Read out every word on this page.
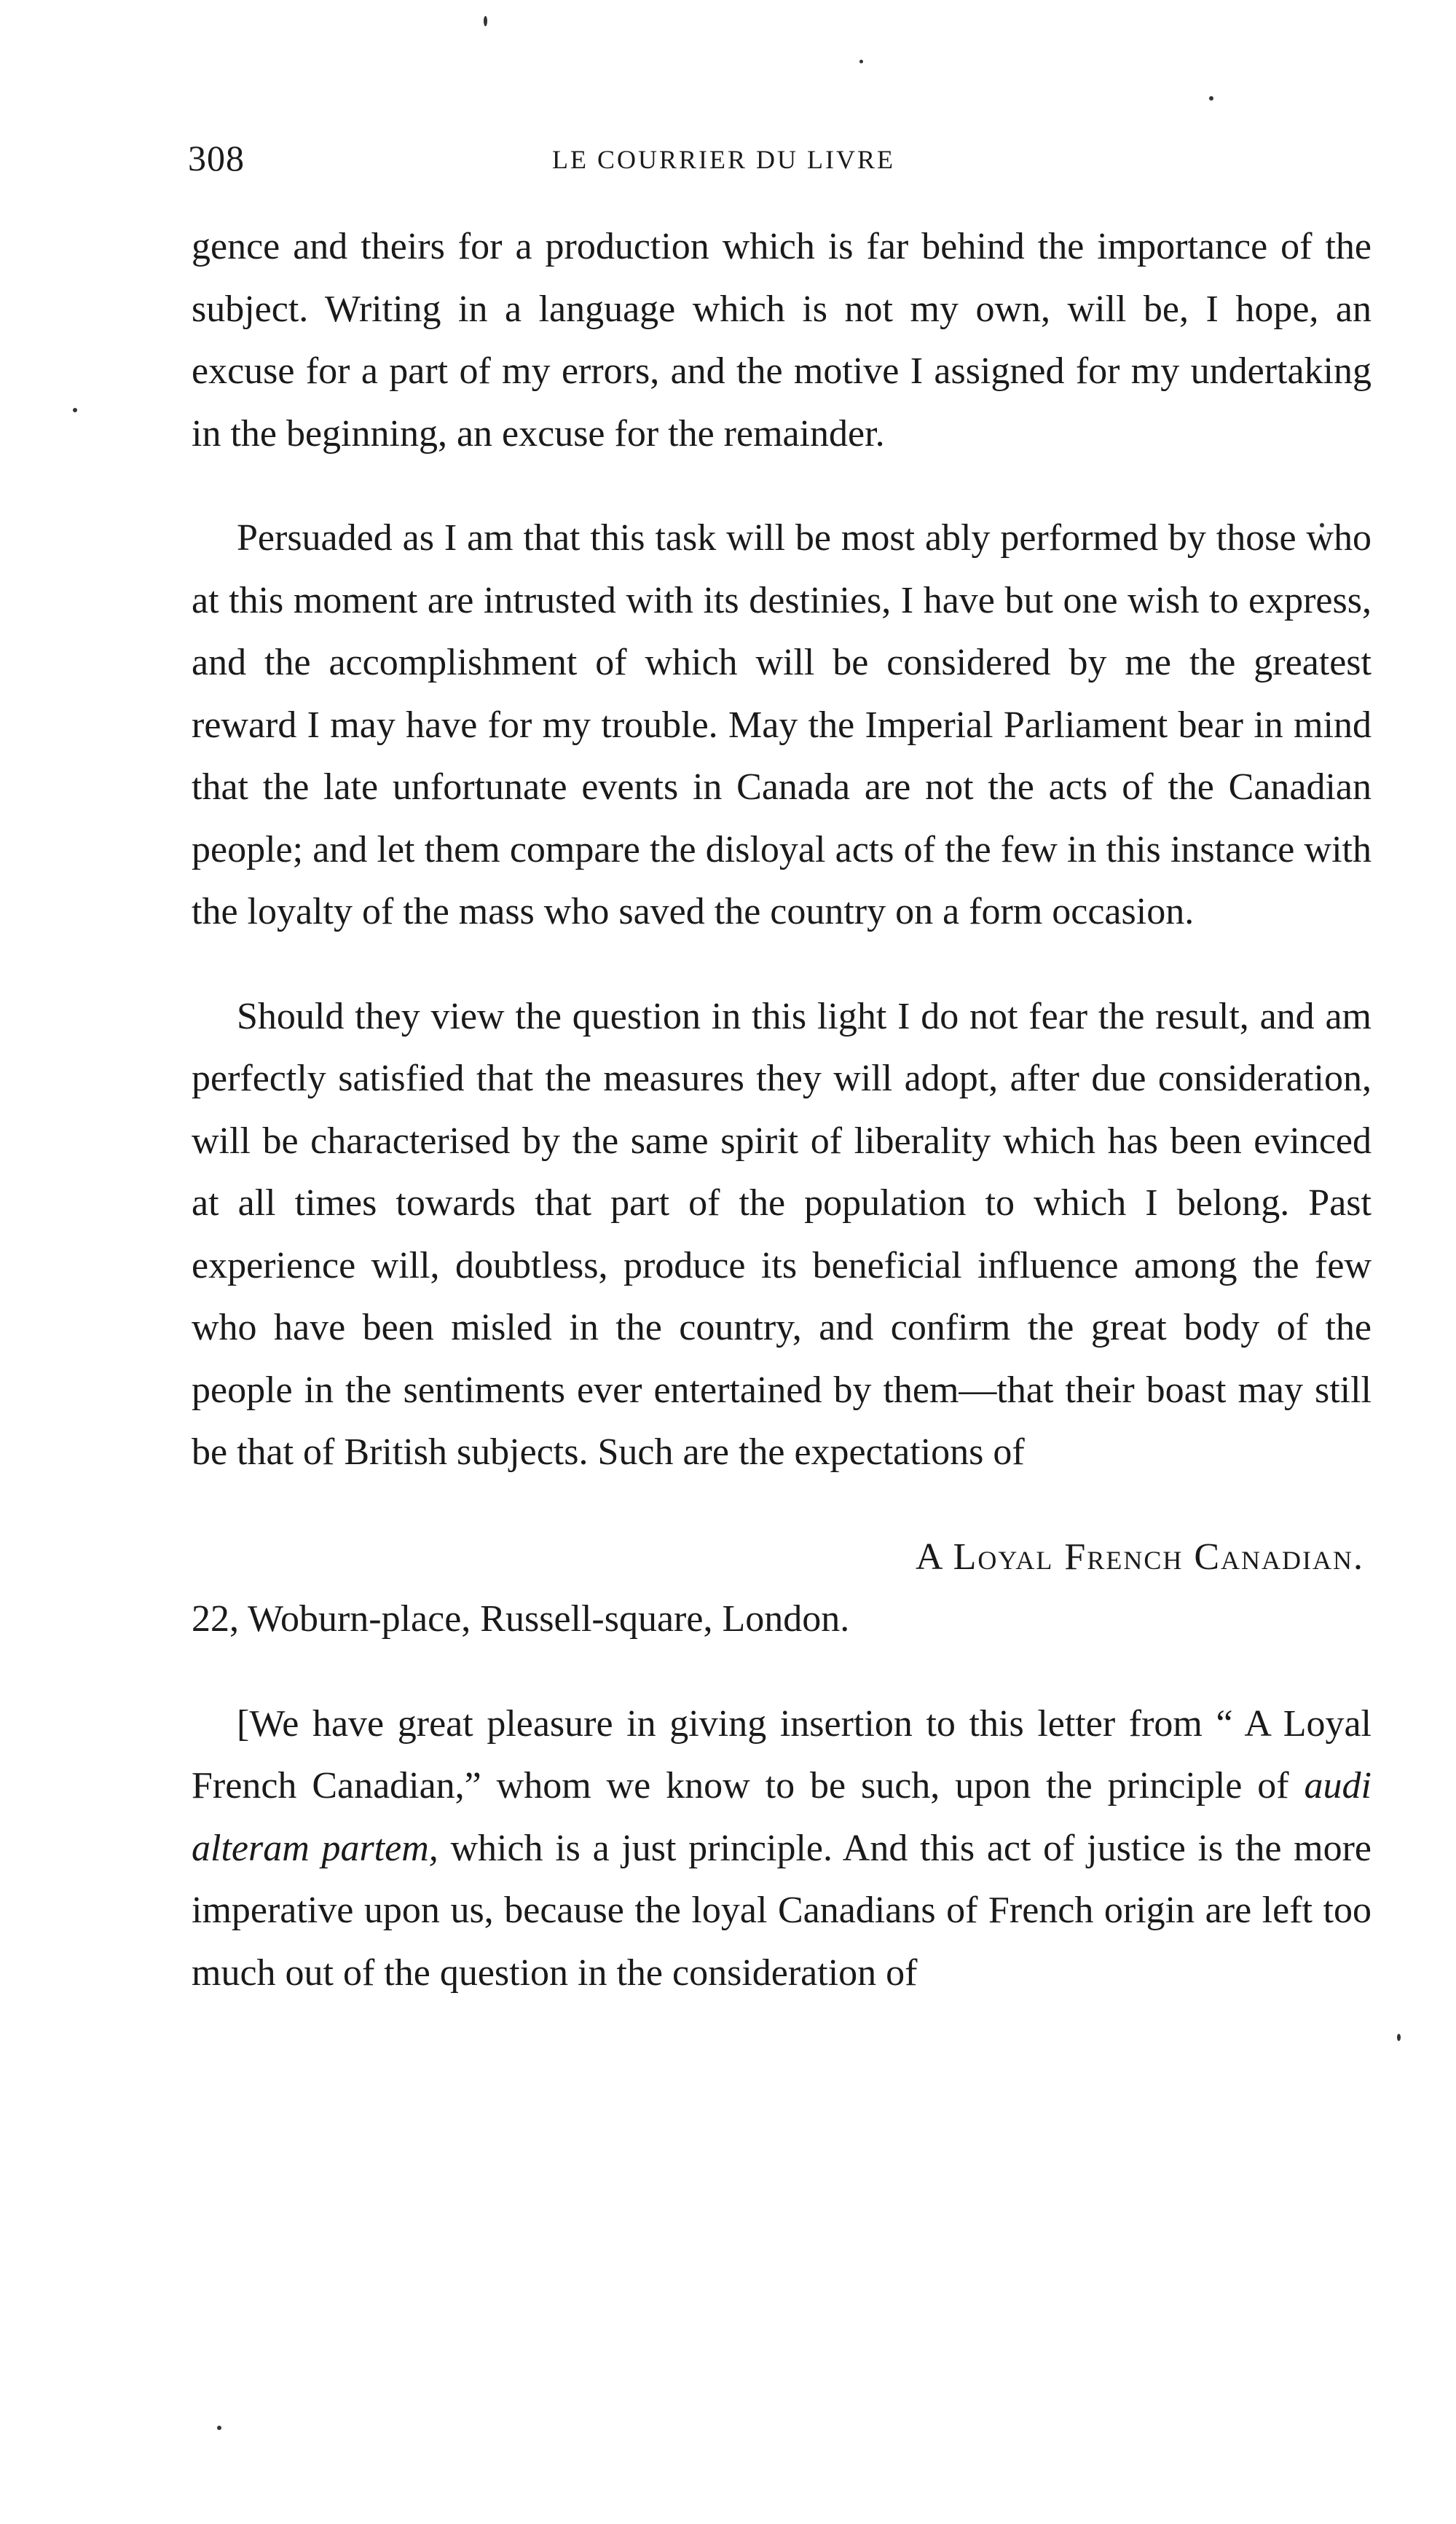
308	LE COURRIER DU LIVRE

gence and theirs for a production which is far behind the importance of the subject. Writing in a language which is not my own, will be, I hope, an excuse for a part of my errors, and the motive I assigned for my undertaking in the beginning, an excuse for the remainder.

Persuaded as I am that this task will be most ably performed by those who at this moment are intrusted with its destinies, I have but one wish to express, and the accomplishment of which will be considered by me the greatest reward I may have for my trouble. May the Imperial Parliament bear in mind that the late unfortunate events in Canada are not the acts of the Canadian people; and let them compare the disloyal acts of the few in this instance with the loyalty of the mass who saved the country on a form occasion.

Should they view the question in this light I do not fear the result, and am perfectly satisfied that the measures they will adopt, after due consideration, will be characterised by the same spirit of liberality which has been evinced at all times towards that part of the population to which I belong. Past experience will, doubtless, produce its beneficial influence among the few who have been misled in the country, and confirm the great body of the people in the sentiments ever entertained by them—that their boast may still be that of British subjects. Such are the expectations of

A Loyal French Canadian.

22, Woburn-place, Russell-square, London.

[We have great pleasure in giving insertion to this letter from “ A Loyal French Canadian,” whom we know to be such, upon the principle of audi alteram partem, which is a just principle. And this act of justice is the more imperative upon us, because the loyal Canadians of French origin are left too much out of the question in the consideration of
